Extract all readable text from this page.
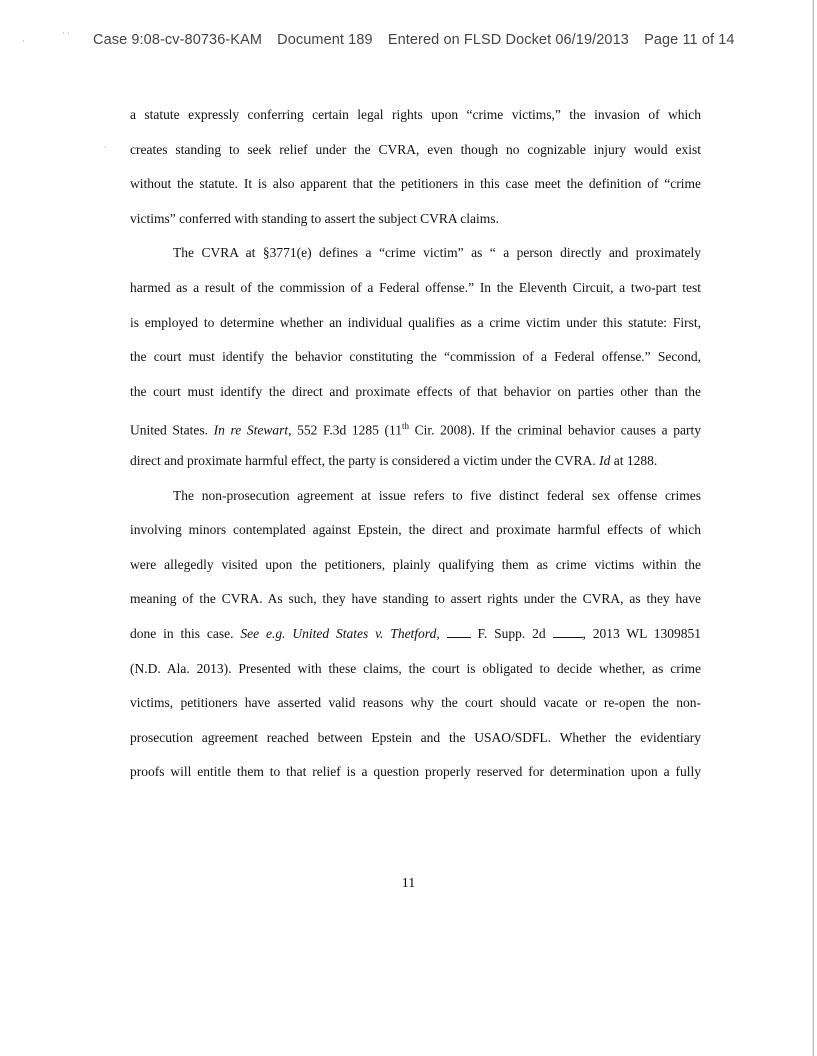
·
· ·
·
Case 9:08-cv-80736-KAM Document 189 Entered on FLSD Docket 06/19/2013 Page 11 of 14
a statute expressly conferring certain legal rights upon “crime victims,” the invasion of which
creates standing to seek relief under the CVRA, even though no cognizable injury would exist
without the statute. It is also apparent that the petitioners in this case meet the definition of “crime
victims” conferred with standing to assert the subject CVRA claims.
The CVRA at §3771(e) defines a “crime victim” as “ a person directly and proximately
harmed as a result of the commission of a Federal offense.” In the Eleventh Circuit, a two-part test
is employed to determine whether an individual qualifies as a crime victim under this statute: First,
the court must identify the behavior constituting the “commission of a Federal offense.” Second,
the court must identify the direct and proximate effects of that behavior on parties other than the
United States. In re Stewart, 552 F.3d 1285 (11th Cir. 2008). If the criminal behavior causes a party
direct and proximate harmful effect, the party is considered a victim under the CVRA. Id at 1288.
The non-prosecution agreement at issue refers to five distinct federal sex offense crimes
involving minors contemplated against Epstein, the direct and proximate harmful effects of which
were allegedly visited upon the petitioners, plainly qualifying them as crime victims within the
meaning of the CVRA. As such, they have standing to assert rights under the CVRA, as they have
done in this case. See e.g. United States v. Thetford,  F. Supp. 2d , 2013 WL 1309851
(N.D. Ala. 2013). Presented with these claims, the court is obligated to decide whether, as crime
victims, petitioners have asserted valid reasons why the court should vacate or re-open the non-
prosecution agreement reached between Epstein and the USAO/SDFL. Whether the evidentiary
proofs will entitle them to that relief is a question properly reserved for determination upon a fully
11
